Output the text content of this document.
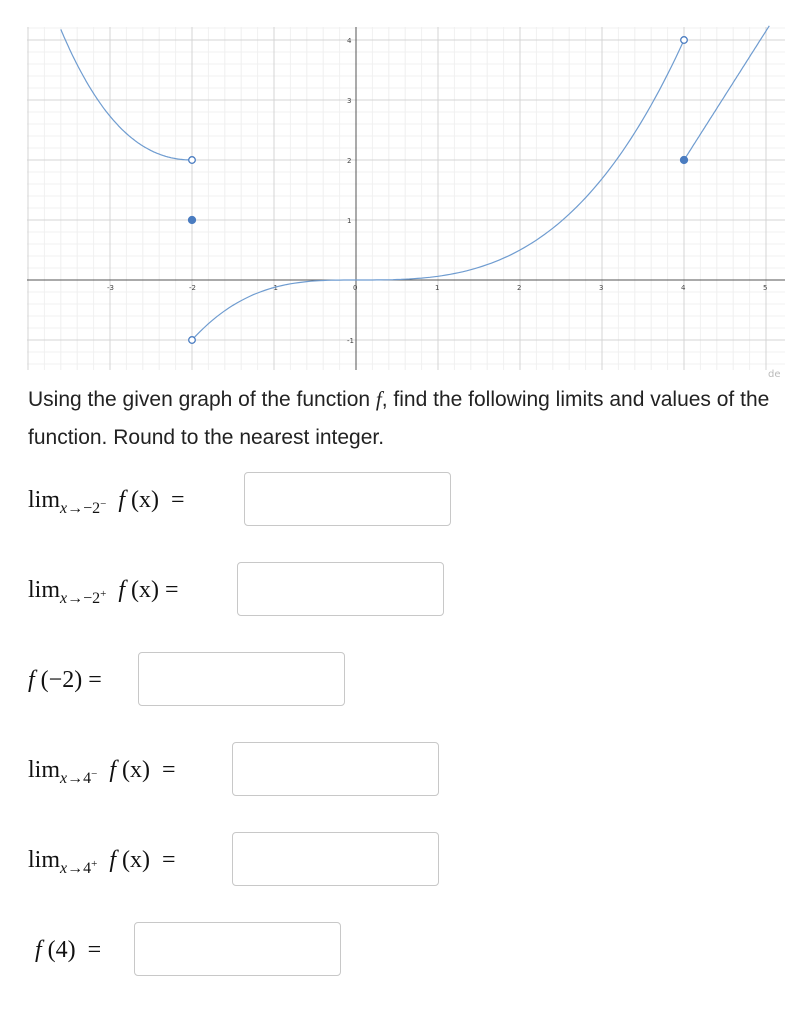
-3	-2	-1	0	1	2	3	4	5
4
3
2
1
-1
de

Using the given graph of the function f, find the following limits and values of the function. Round to the nearest integer.

lim $_{x\to-2^-}$
f
(x)
=
lim $_{x\to-2^+}$
f
(x)
=
f
(−2)
=
lim $_{x\to 4^-}$
f
(x)
=
lim $_{x\to 4^+}$
f
(x)
=
f
(4)
=
